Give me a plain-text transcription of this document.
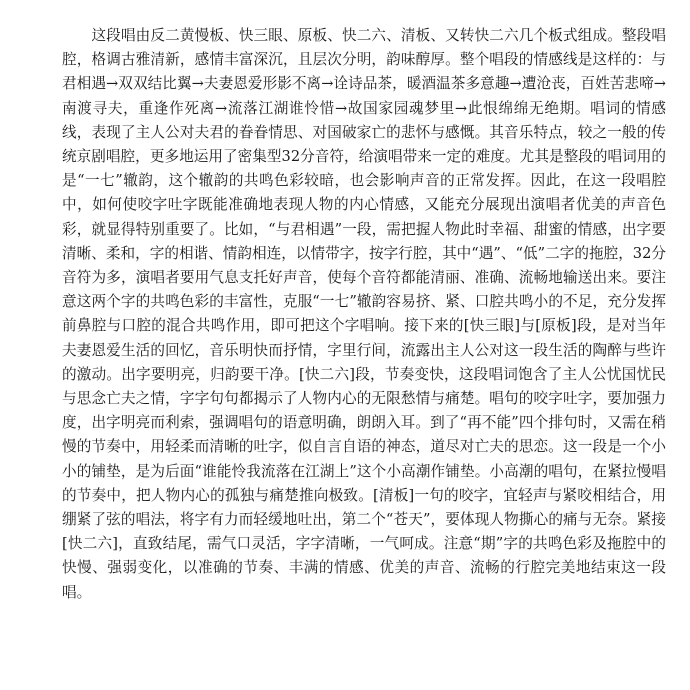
　　这段唱由反二黄慢板、快三眼、原板、快二六、清板、又转快二六几个板式组成。整段唱腔，格调古雅清新，感情丰富深沉，且层次分明，韵味醇厚。整个唱段的情感线是这样的：与君相遇→双双结比翼→夫妻恩爱形影不离→诠诗品茶，暖酒温茶多意趣→遭沧丧，百姓苦悲啼→南渡寻夫，重逢作死离→流落江湖谁怜惜→故国家园魂梦里→此恨绵绵无绝期。唱词的情感线，表现了主人公对夫君的眷眷情思、对国破家亡的悲怀与感慨。其音乐特点，较之一般的传统京剧唱腔，更多地运用了密集型32分音符，给演唱带来一定的难度。尤其是整段的唱词用的是“一七”辙韵，这个辙韵的共鸣色彩较暗，也会影响声音的正常发挥。因此，在这一段唱腔中，如何使咬字吐字既能准确地表现人物的内心情感，又能充分展现出演唱者优美的声音色彩，就显得特别重要了。比如，“与君相遇”一段，需把握人物此时幸福、甜蜜的情感，出字要清晰、柔和，字的相谐、情韵相连，以情带字，按字行腔，其中“遇”、“低”二字的拖腔，32分音符为多，演唱者要用气息支托好声音，使每个音符都能清丽、准确、流畅地输送出来。要注意这两个字的共鸣色彩的丰富性，克服“一七”辙韵容易挤、紧、口腔共鸣小的不足，充分发挥前鼻腔与口腔的混合共鸣作用，即可把这个字唱响。接下来的[快三眼]与[原板]段，是对当年夫妻恩爱生活的回忆，音乐明快而抒情，字里行间，流露出主人公对这一段生活的陶醉与些许的激动。出字要明亮，归韵要干净。[快二六]段，节奏变快，这段唱词饱含了主人公忧国忧民与思念亡夫之情，字字句句都揭示了人物内心的无限愁情与痛楚。唱句的咬字吐字，要加强力度，出字明亮而利索，强调唱句的语意明确，朗朗入耳。到了“再不能”四个排句时，又需在稍慢的节奏中，用轻柔而清晰的吐字，似自言自语的神态，道尽对亡夫的思恋。这一段是一个小小的铺垫，是为后面“谁能怜我流落在江湖上”这个小高潮作铺垫。小高潮的唱句，在紧拉慢唱的节奏中，把人物内心的孤独与痛楚推向极致。[清板]一句的咬字，宜轻声与紧咬相结合，用绷紧了弦的唱法，将字有力而轻缓地吐出，第二个“苍天”，要体现人物撕心的痛与无奈。紧接[快二六]，直致结尾，需气口灵活，字字清晰，一气呵成。注意“期”字的共鸣色彩及拖腔中的快慢、强弱变化，以准确的节奏、丰满的情感、优美的声音、流畅的行腔完美地结束这一段唱。
